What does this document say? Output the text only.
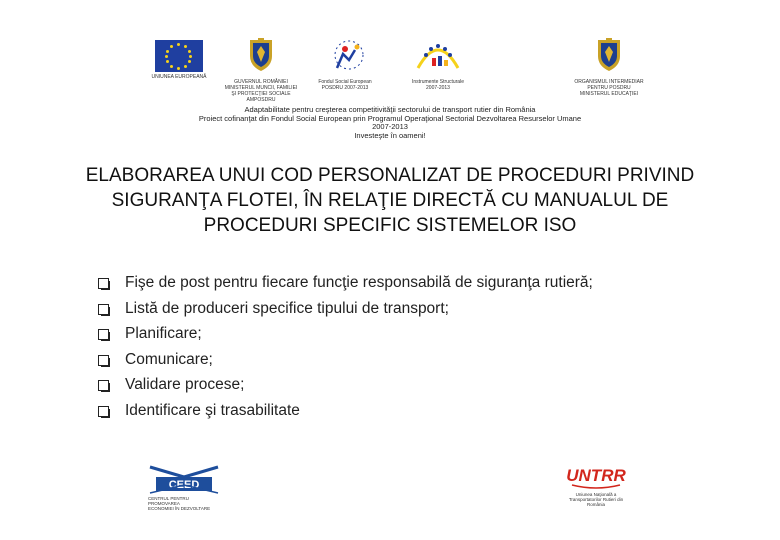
UNIUNEA EUROPEANĂ
GUVERNUL ROMÂNIEI
MINISTERUL MUNCII, FAMILIEI
ŞI PROTECŢIEI SOCIALE
AMPOSDRU
Fondul Social European
POSDRU 2007-2013
Instrumente Structurale
2007-2013
ORGANISMUL INTERMEDIAR
PENTRU POSDRU
MINISTERUL EDUCAŢIEI
Adaptabilitate pentru creşterea competitivităţii sectorului de transport rutier din România
Proiect cofinanţat din Fondul Social European prin Programul Operaţional Sectorial Dezvoltarea Resurselor Umane
2007-2013
Investeşte în oameni!
ELABORAREA UNUI COD PERSONALIZAT DE PROCEDURI PRIVIND
SIGURANŢA FLOTEI, ÎN RELAŢIE DIRECTĂ CU MANUALUL DE
PROCEDURI SPECIFIC SISTEMELOR ISO
Fişe de post pentru fiecare funcţie responsabilă de siguranţa rutieră;
Listă de produceri specifice tipului de transport;
Planificare;
Comunicare;
Validare procese;
Identificare şi trasabilitate
CEED
CENTRUL PENTRU PROMOVAREA
ECONOMIEI ÎN DEZVOLTARE
UNTRR
Uniunea Naţională a
Transportatorilor Rutieri din
România
